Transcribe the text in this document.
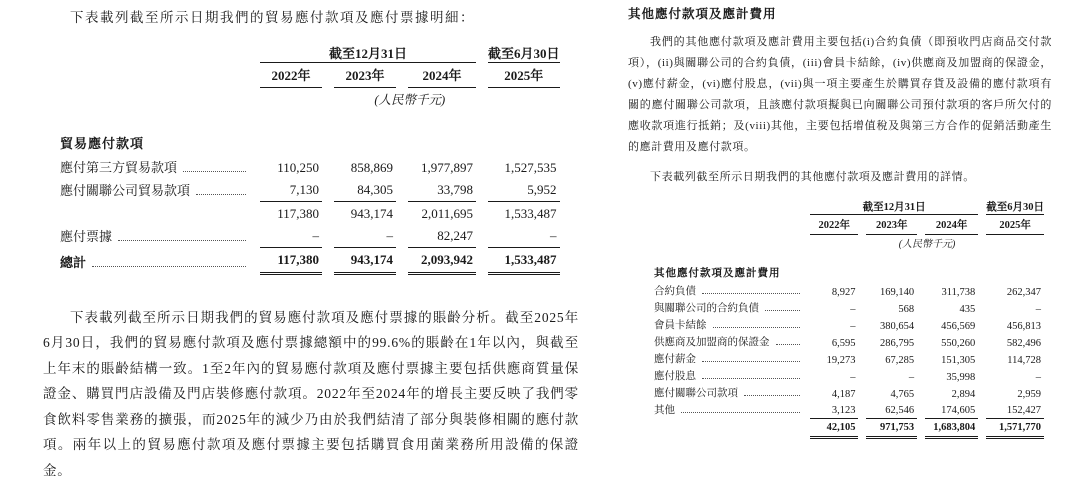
下表載列截至所示日期我們的貿易應付款項及應付票據明細：
	截至12月31日			截至6月30日
	2022年	2023年	2024年	2025年
	(人民幣千元)			

貿易應付款項				

應付第三方貿易款項	110,250	858,869	1,977,897	1,527,535

應付關聯公司貿易款項	7,130	84,305	33,798	5,952

	117,380	943,174	2,011,695	1,533,487

應付票據	–	–	82,247	–

總計	117,380	943,174	2,093,942	1,533,487
下表載列截至所示日期我們的貿易應付款項及應付票據的賬齡分析。截至2025年6月30日，我們的貿易應付款項及應付票據總額中的99.6%的賬齡在1年以內，與截至上年末的賬齡結構一致。1至2年內的貿易應付款項及應付票據主要包括供應商質量保證金、購買門店設備及門店裝修應付款項。2022年至2024年的增長主要反映了我們零食飲料零售業務的擴張，而2025年的減少乃由於我們結清了部分與裝修相關的應付款項。兩年以上的貿易應付款項及應付票據主要包括購買食用菌業務所用設備的保證金。
其他應付款項及應計費用
我們的其他應付款項及應計費用主要包括(i)合約負債（即預收門店商品交付款項），(ii)與關聯公司的合約負債，(iii)會員卡結餘，(iv)供應商及加盟商的保證金，(v)應付薪金，(vi)應付股息，(vii)與一項主要產生於購買存貨及設備的應付款項有關的應付關聯公司款項，且該應付款項擬與已向關聯公司預付款項的客戶所欠付的應收款項進行抵銷；及(viii)其他，主要包括增值稅及與第三方合作的促銷活動產生的應計費用及應付款項。
下表載列截至所示日期我們的其他應付款項及應計費用的詳情。
	截至12月31日			截至6月30日
	2022年	2023年	2024年	2025年
	(人民幣千元)			

其他應付款項及應計費用				

合約負債	8,927	169,140	311,738	262,347

與關聯公司的合約負債	–	568	435	–

會員卡結餘	–	380,654	456,569	456,813

供應商及加盟商的保證金	6,595	286,795	550,260	582,496

應付薪金	19,273	67,285	151,305	114,728

應付股息	–	–	35,998	–

應付關聯公司款項	4,187	4,765	2,894	2,959

其他	3,123	62,546	174,605	152,427

	42,105	971,753	1,683,804	1,571,770
